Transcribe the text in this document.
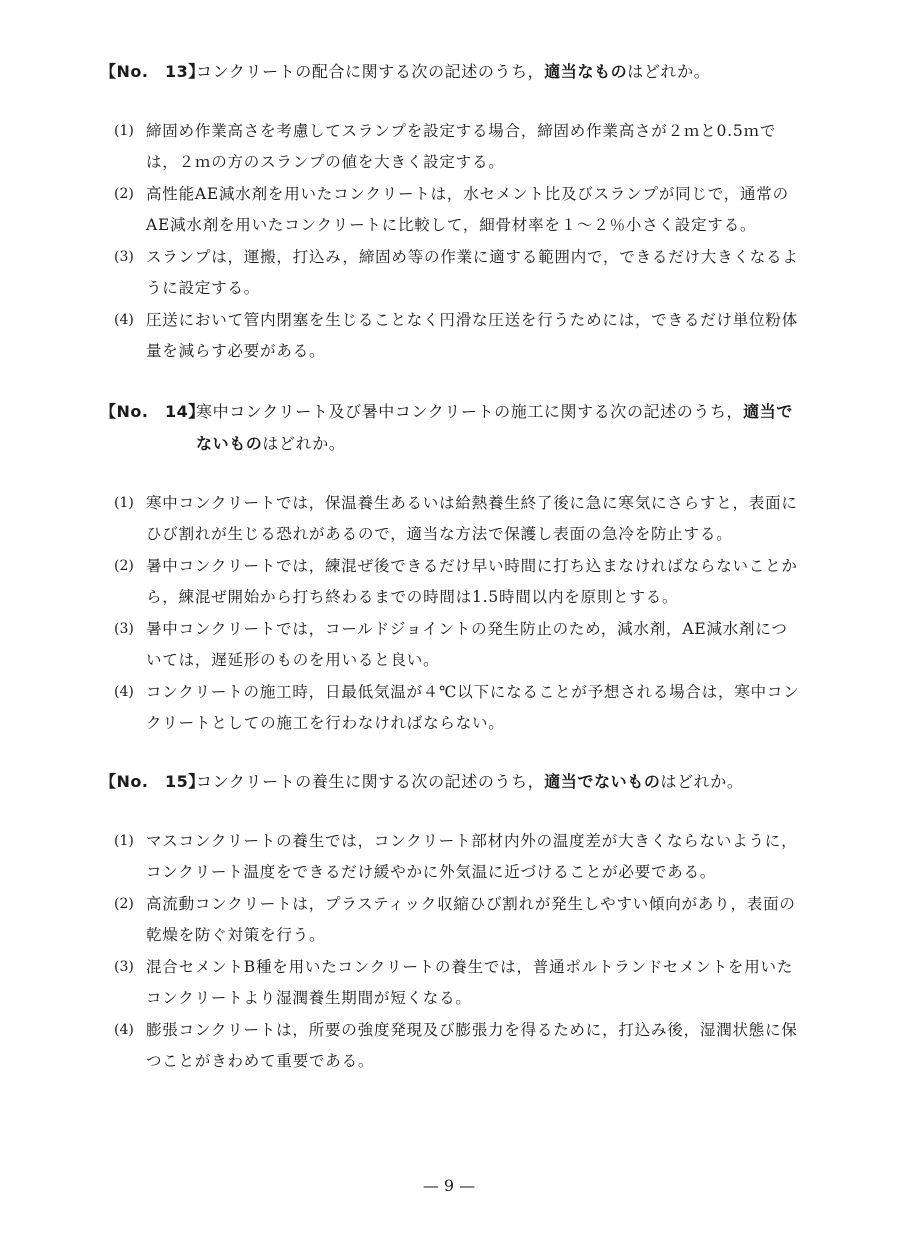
【No.　13】
コンクリートの配合に関する次の記述のうち，適当なものはどれか。
(1) 締固め作業高さを考慮してスランプを設定する場合，締固め作業高さが２ｍと0.5ｍでは，２ｍの方のスランプの値を大きく設定する。
(2) 高性能AE減水剤を用いたコンクリートは，水セメント比及びスランプが同じで，通常のAE減水剤を用いたコンクリートに比較して，細骨材率を１～２％小さく設定する。
(3) スランプは，運搬，打込み，締固め等の作業に適する範囲内で，できるだけ大きくなるように設定する。
(4) 圧送において管内閉塞を生じることなく円滑な圧送を行うためには，できるだけ単位粉体量を減らす必要がある。
【No.　14】
寒中コンクリート及び暑中コンクリートの施工に関する次の記述のうち，適当でないものはどれか。
(1) 寒中コンクリートでは，保温養生あるいは給熱養生終了後に急に寒気にさらすと，表面にひび割れが生じる恐れがあるので，適当な方法で保護し表面の急冷を防止する。
(2) 暑中コンクリートでは，練混ぜ後できるだけ早い時間に打ち込まなければならないことから，練混ぜ開始から打ち終わるまでの時間は1.5時間以内を原則とする。
(3) 暑中コンクリートでは，コールドジョイントの発生防止のため，減水剤，AE減水剤については，遅延形のものを用いると良い。
(4) コンクリートの施工時，日最低気温が４℃以下になることが予想される場合は，寒中コンクリートとしての施工を行わなければならない。
【No.　15】
コンクリートの養生に関する次の記述のうち，適当でないものはどれか。
(1) マスコンクリートの養生では，コンクリート部材内外の温度差が大きくならないように，コンクリート温度をできるだけ緩やかに外気温に近づけることが必要である。
(2) 高流動コンクリートは，プラスティック収縮ひび割れが発生しやすい傾向があり，表面の乾燥を防ぐ対策を行う。
(3) 混合セメントB種を用いたコンクリートの養生では，普通ポルトランドセメントを用いたコンクリートより湿潤養生期間が短くなる。
(4) 膨張コンクリートは，所要の強度発現及び膨張力を得るために，打込み後，湿潤状態に保つことがきわめて重要である。
— 9 —
